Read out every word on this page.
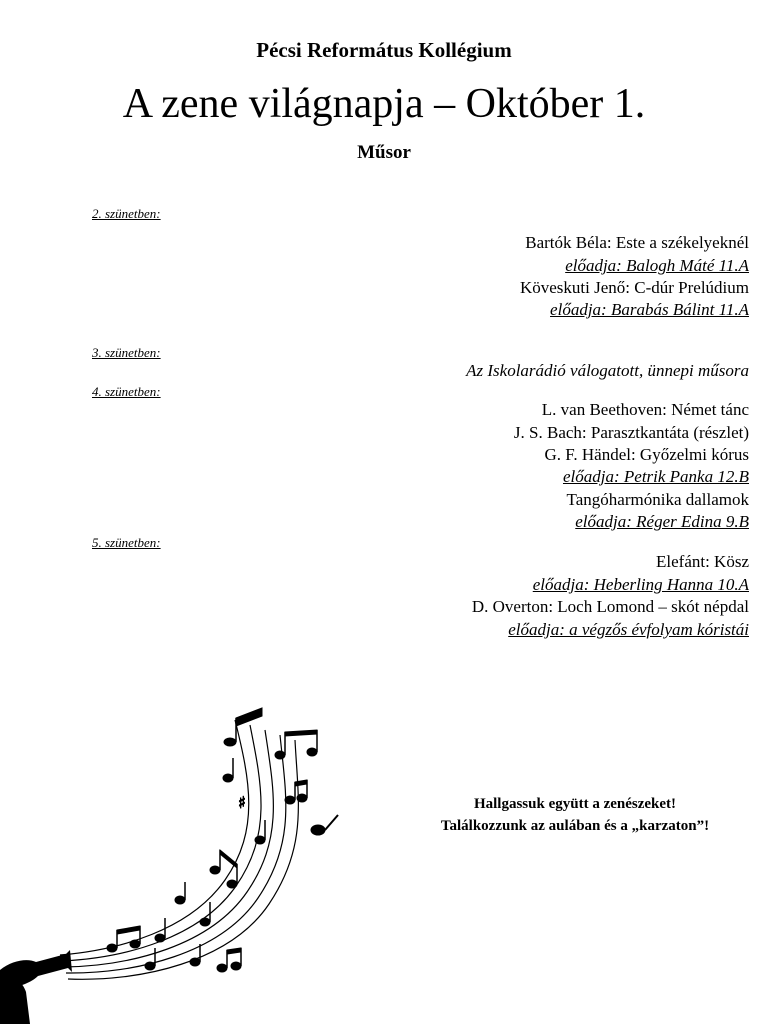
Pécsi Református Kollégium
A zene világnapja – Október 1.
Műsor
2. szünetben:
Bartók Béla: Este a székelyeknél
előadja: Balogh Máté 11.A
Köveskuti Jenő: C-dúr Prelúdium
előadja: Barabás Bálint 11.A
3. szünetben:
Az Iskolarádió válogatott, ünnepi műsora
4. szünetben:
L. van Beethoven: Német tánc
J. S. Bach: Parasztkantáta (részlet)
G. F. Händel: Győzelmi kórus
előadja: Petrik Panka 12.B
Tangóharmónika dallamok
előadja: Réger Edina 9.B
5. szünetben:
Elefánt: Kösz
előadja: Heberling Hanna 10.A
D. Overton: Loch Lomond – skót népdal
előadja: a végzős évfolyam kóristái
Hallgassuk együtt a zenészeket!
Találkozzunk az aulában és a „karzaton”!
♯
